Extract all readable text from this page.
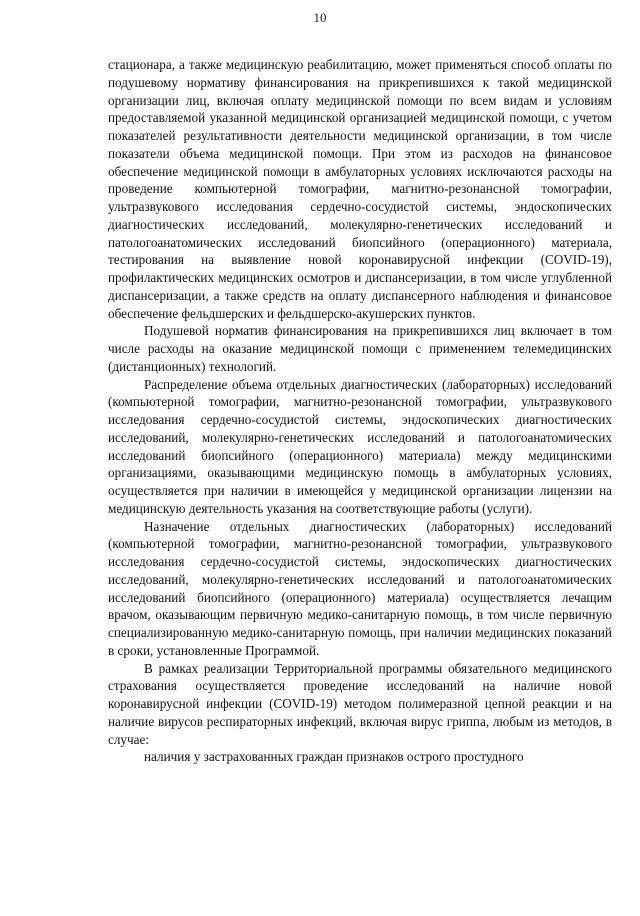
10

стационара, а также медицинскую реабилитацию, может применяться способ оплаты по подушевому нормативу финансирования на прикрепившихся к такой медицинской организации лиц, включая оплату медицинской помощи по всем видам и условиям предоставляемой указанной медицинской организацией медицинской помощи, с учетом показателей результативности деятельности медицинской организации, в том числе показатели объема медицинской помощи. При этом из расходов на финансовое обеспечение медицинской помощи в амбулаторных условиях исключаются расходы на проведение компьютерной томографии, магнитно-резонансной томографии, ультразвукового исследования сердечно-сосудистой системы, эндоскопических диагностических исследований, молекулярно-генетических исследований и патологоанатомических исследований биопсийного (операционного) материала, тестирования на выявление новой коронавирусной инфекции (COVID-19), профилактических медицинских осмотров и диспансеризации, в том числе углубленной диспансеризации, а также средств на оплату диспансерного наблюдения и финансовое обеспечение фельдшерских и фельдшерско-акушерских пунктов.

Подушевой норматив финансирования на прикрепившихся лиц включает в том числе расходы на оказание медицинской помощи с применением телемедицинских (дистанционных) технологий.

Распределение объема отдельных диагностических (лабораторных) исследований (компьютерной томографии, магнитно-резонансной томографии, ультразвукового исследования сердечно-сосудистой системы, эндоскопических диагностических исследований, молекулярно-генетических исследований и патологоанатомических исследований биопсийного (операционного) материала) между медицинскими организациями, оказывающими медицинскую помощь в амбулаторных условиях, осуществляется при наличии в имеющейся у медицинской организации лицензии на медицинскую деятельность указания на соответствующие работы (услуги).

Назначение отдельных диагностических (лабораторных) исследований (компьютерной томографии, магнитно-резонансной томографии, ультразвукового исследования сердечно-сосудистой системы, эндоскопических диагностических исследований, молекулярно-генетических исследований и патологоанатомических исследований биопсийного (операционного) материала) осуществляется лечащим врачом, оказывающим первичную медико-санитарную помощь, в том числе первичную специализированную медико-санитарную помощь, при наличии медицинских показаний в сроки, установленные Программой.

В рамках реализации Территориальной программы обязательного медицинского страхования осуществляется проведение исследований на наличие новой коронавирусной инфекции (COVID-19) методом полимеразной цепной реакции и на наличие вирусов респираторных инфекций, включая вирус гриппа, любым из методов, в случае:

наличия у застрахованных граждан признаков острого простудного
